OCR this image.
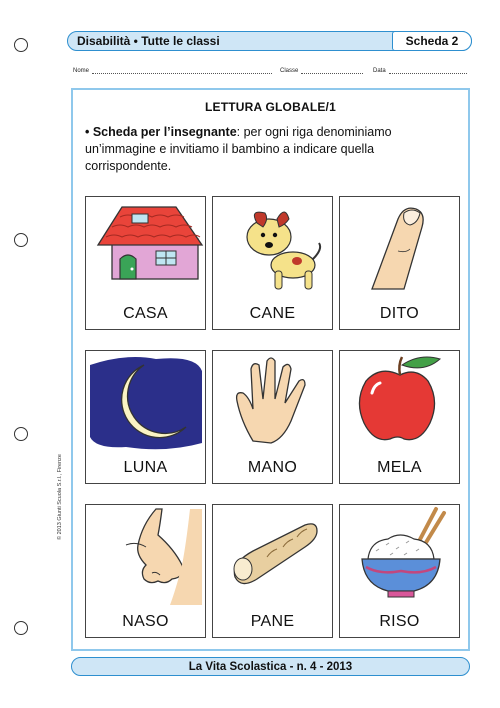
Disabilità • Tutte le classi	Scheda 2
Nome	Classe	Data
LETTURA GLOBALE/1
• Scheda per l’insegnante: per ogni riga denominiamo un’immagine e invitiamo il bambino a indicare quella corrispondente.
CASA	CANE	DITO
LUNA	MANO	MELA
NASO	PANE	RISO
© 2013 Giunti Scuola S.r.l., Firenze
La Vita Scolastica - n. 4 - 2013
